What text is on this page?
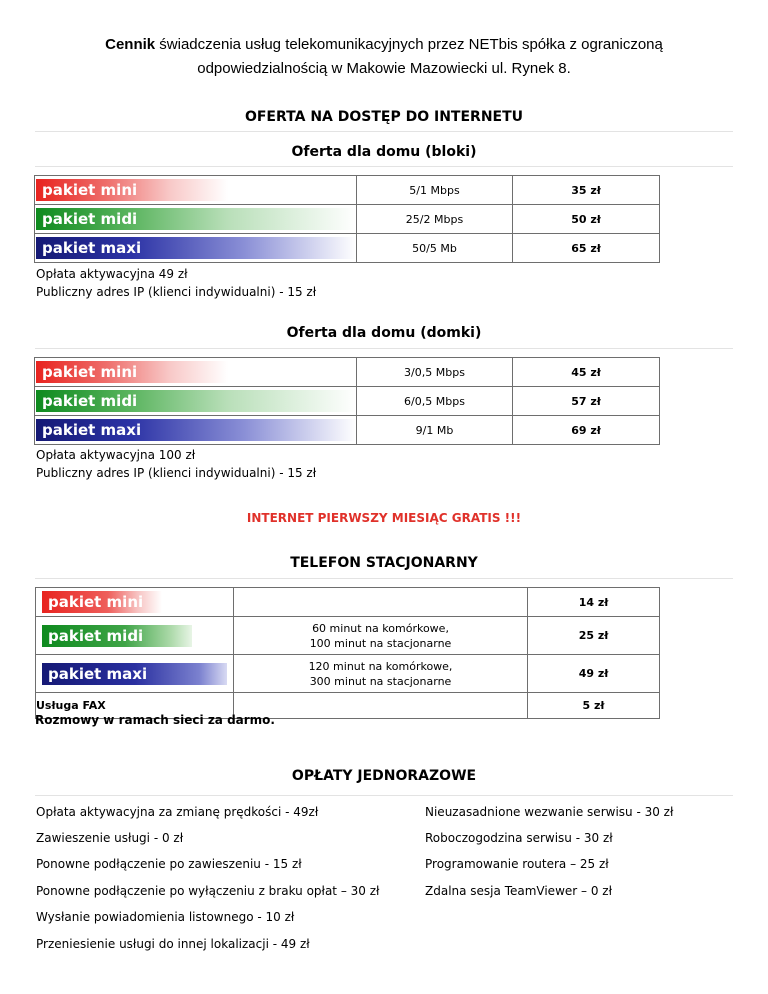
Cennik świadczenia usług telekomunikacyjnych przez NETbis spółka z ograniczoną
odpowiedzialnością w Makowie Mazowiecki ul. Rynek 8.
OFERTA NA DOSTĘP DO INTERNETU
Oferta dla domu (bloki)
pakiet mini	5/1 Mbps	35 zł

pakiet midi	25/2 Mbps	50 zł

pakiet maxi	50/5 Mb	65 zł
Opłata aktywacyjna 49 zł
Publiczny adres IP (klienci indywidualni) - 15 zł
Oferta dla domu (domki)
pakiet mini	3/0,5 Mbps	45 zł

pakiet midi	6/0,5 Mbps	57 zł

pakiet maxi	9/1 Mb	69 zł
Opłata aktywacyjna 100 zł
Publiczny adres IP (klienci indywidualni) - 15 zł
INTERNET PIERWSZY MIESIĄC GRATIS !!!
TELEFON STACJONARNY
pakiet mini		14 zł

pakiet midi	60 minut na komórkowe,
100 minut na stacjonarne	25 zł

pakiet maxi	120 minut na komórkowe,
300 minut na stacjonarne	49 zł
Usługa FAX		5 zł
Rozmowy w ramach sieci za darmo.
OPŁATY JEDNORAZOWE
Opłata aktywacyjna za zmianę prędkości - 49zł
Zawieszenie usługi - 0 zł
Ponowne podłączenie po zawieszeniu - 15 zł
Ponowne podłączenie po wyłączeniu z braku opłat – 30 zł
Wysłanie powiadomienia listownego - 10 zł
Przeniesienie usługi do innej lokalizacji - 49 zł
Nieuzasadnione wezwanie serwisu - 30 zł
Roboczogodzina serwisu - 30 zł
Programowanie routera – 25 zł
Zdalna sesja TeamViewer – 0 zł
